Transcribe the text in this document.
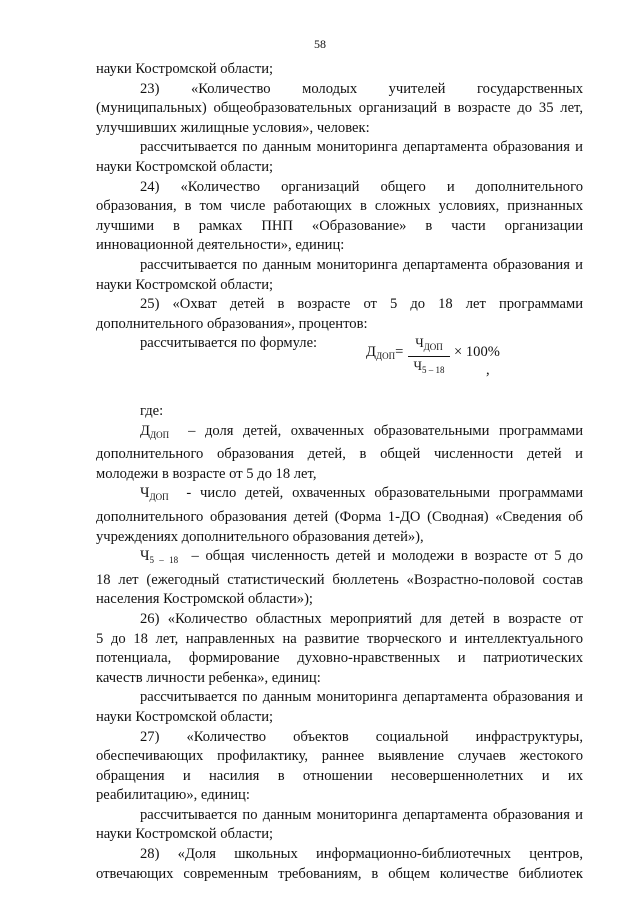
58
науки Костромской области;
23) «Количество молодых учителей государственных
(муниципальных) общеобразовательных организаций в возрасте до 35 лет,
улучшивших жилищные условия», человек:
рассчитывается по данным мониторинга департамента образования и
науки Костромской области;
24) «Количество организаций общего и дополнительного
образования, в том числе работающих в сложных условиях, признанных
лучшими в рамках ПНП «Образование» в части организации
инновационной деятельности», единиц:
рассчитывается по данным мониторинга департамента образования и
науки Костромской области;
25) «Охват детей в возрасте от 5 до 18 лет программами
дополнительного образования», процентов:
рассчитывается по формуле:
$Д_{ДОП}=$
$Ч_{ДОП}$
$Ч_{5 - 18}$
× 100%
,
где:
$Д_{ДОП}$ – доля детей, охваченных образовательными программами
дополнительного образования детей, в общей численности детей и
молодежи в возрасте от 5 до 18 лет,
$Ч_{ДОП}$ - число детей, охваченных образовательными программами
дополнительного образования детей (Форма 1-ДО (Сводная) «Сведения об
учреждениях дополнительного образования детей»),
$Ч_{5 - 18}$ – общая численность детей и молодежи в возрасте от 5 до
18 лет (ежегодный статистический бюллетень «Возрастно-половой состав
населения Костромской области»);
26) «Количество областных мероприятий для детей в возрасте от
5 до 18 лет, направленных на развитие творческого и интеллектуального
потенциала, формирование духовно-нравственных и патриотических
качеств личности ребенка», единиц:
рассчитывается по данным мониторинга департамента образования и
науки Костромской области;
27) «Количество объектов социальной инфраструктуры,
обеспечивающих профилактику, раннее выявление случаев жестокого
обращения и насилия в отношении несовершеннолетних и их
реабилитацию», единиц:
рассчитывается по данным мониторинга департамента образования и
науки Костромской области;
28) «Доля школьных информационно-библиотечных центров,
отвечающих современным требованиям, в общем количестве библиотек
